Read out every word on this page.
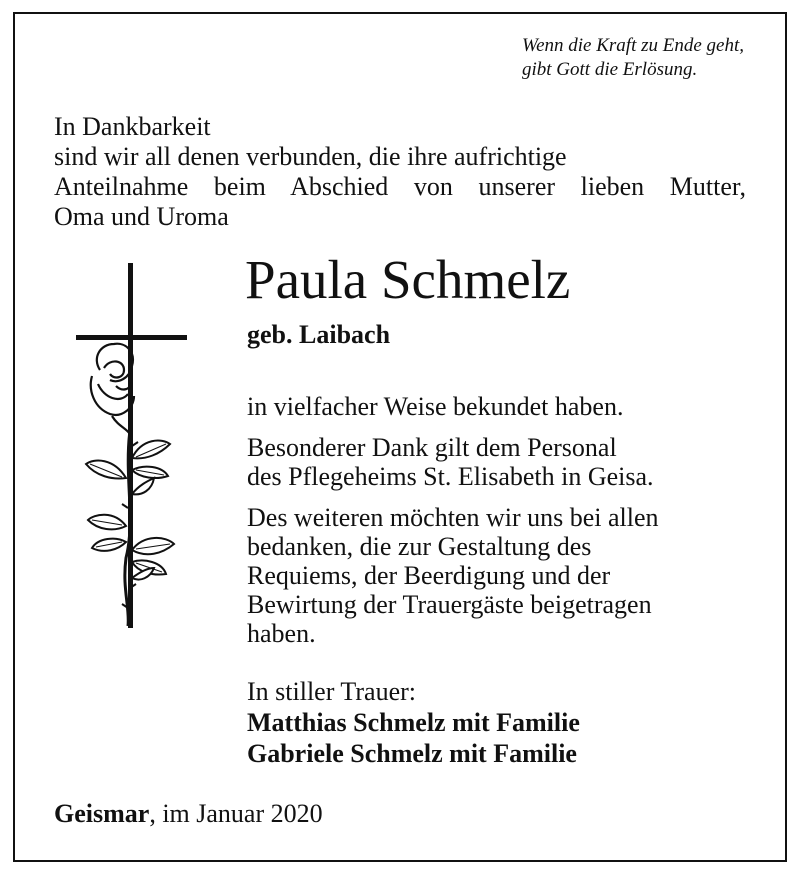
Wenn die Kraft zu Ende geht,
gibt Gott die Erlösung.
In Dankbarkeit
sind wir all denen verbunden, die ihre aufrichtige
Anteilnahme beim Abschied von unserer lieben Mutter,
Oma und Uroma
Paula Schmelz
geb. Laibach
in vielfacher Weise bekundet haben.
Besonderer Dank gilt dem Personal
des Pflegeheims St. Elisabeth in Geisa.
Des weiteren möchten wir uns bei allen
bedanken, die zur Gestaltung des
Requiems, der Beerdigung und der
Bewirtung der Trauergäste beigetragen
haben.
In stiller Trauer:
Matthias Schmelz mit Familie
Gabriele Schmelz mit Familie
Geismar, im Januar 2020
